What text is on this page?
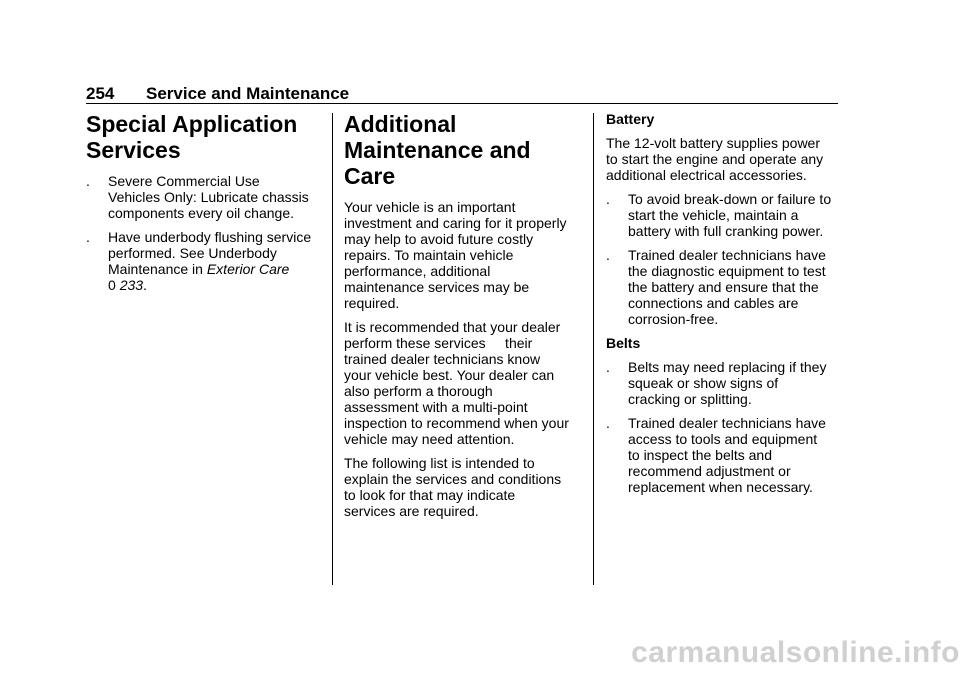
254 Service and Maintenance
Special Application
Services
.	Severe Commercial Use
Vehicles Only: Lubricate chassis
components every oil change.
.	Have underbody flushing service
performed. See Underbody
Maintenance in Exterior Care
0 233.
Additional
Maintenance and Care

Your vehicle is an important
investment and caring for it properly
may help to avoid future costly
repairs. To maintain vehicle
performance, additional
maintenance services may be
required.

It is recommended that your dealer
perform these services     their
trained dealer technicians know
your vehicle best. Your dealer can
also perform a thorough
assessment with a multi-point
inspection to recommend when your
vehicle may need attention.

The following list is intended to
explain the services and conditions
to look for that may indicate
services are required.

Battery

The 12-volt battery supplies power
to start the engine and operate any
additional electrical accessories.

.	To avoid break-down or failure to
start the vehicle, maintain a
battery with full cranking power.
.	Trained dealer technicians have
the diagnostic equipment to test
the battery and ensure that the
connections and cables are
corrosion-free.
Belts
.	Belts may need replacing if they
squeak or show signs of
cracking or splitting.
.	Trained dealer technicians have
access to tools and equipment
to inspect the belts and
recommend adjustment or
replacement when necessary.
carmanualsonline.info
